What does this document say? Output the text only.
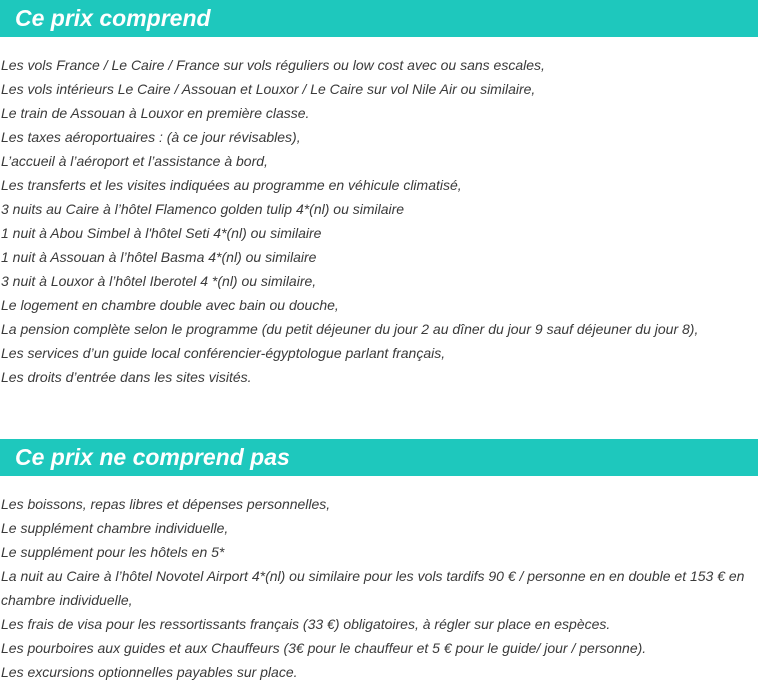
Ce prix comprend
Les vols France / Le Caire / France sur vols réguliers ou low cost avec ou sans escales,
Les vols intérieurs Le Caire / Assouan et Louxor / Le Caire sur vol Nile Air ou similaire,
Le train de Assouan à Louxor en première classe.
Les taxes aéroportuaires : (à ce jour révisables),
L’accueil à l’aéroport et l’assistance à bord,
Les transferts et les visites indiquées au programme en véhicule climatisé,
3 nuits au Caire à l’hôtel Flamenco golden tulip 4*(nl) ou similaire
1 nuit à Abou Simbel à l'hôtel Seti 4*(nl) ou similaire
1 nuit à Assouan à l’hôtel Basma 4*(nl) ou similaire
3 nuit à Louxor à l’hôtel Iberotel 4 *(nl) ou similaire,
Le logement en chambre double avec bain ou douche,
La pension complète selon le programme (du petit déjeuner du jour 2 au dîner du jour 9 sauf déjeuner du jour 8),
Les services d’un guide local conférencier-égyptologue parlant français,
Les droits d’entrée dans les sites visités.
Ce prix ne comprend pas
Les boissons, repas libres et dépenses personnelles,
Le supplément chambre individuelle,
Le supplément pour les hôtels en 5*
La nuit au Caire à l’hôtel Novotel Airport 4*(nl) ou similaire pour les vols tardifs 90 € / personne en en double et 153 € en chambre individuelle,
Les frais de visa pour les ressortissants français (33 €) obligatoires, à régler sur place en espèces.
Les pourboires aux guides et aux Chauffeurs (3€ pour le chauffeur et 5 € pour le guide/ jour / personne).
Les excursions optionnelles payables sur place.
